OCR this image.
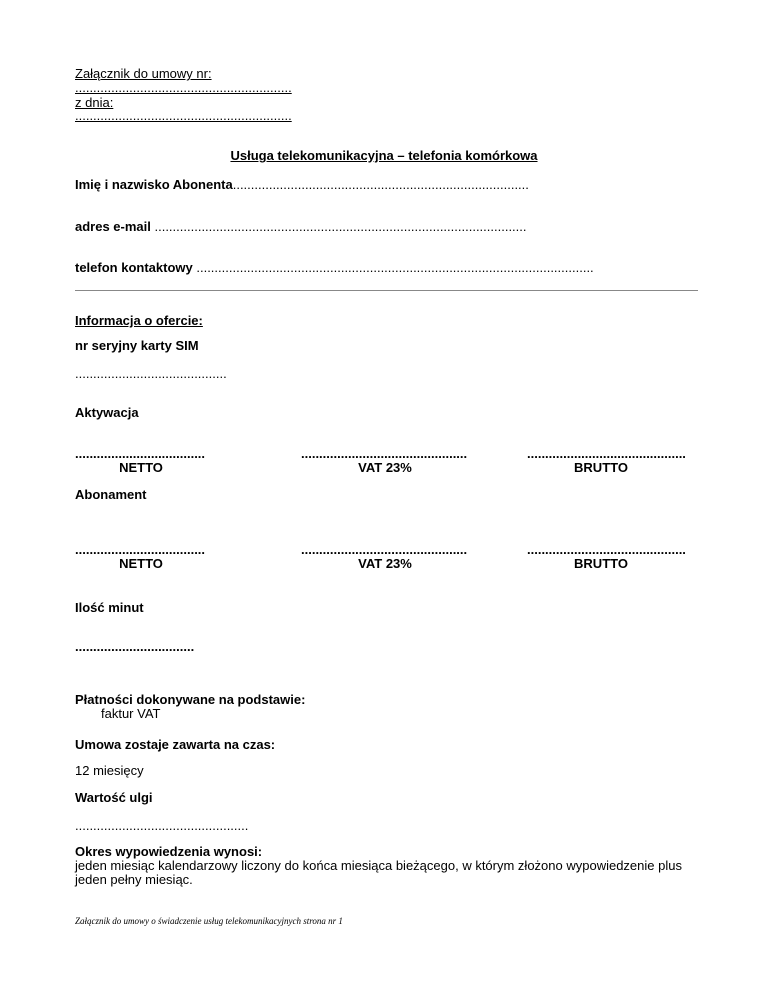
Załącznik do umowy nr:
............................................................
z dnia:
............................................................
Usługa telekomunikacyjna – telefonia komórkowa
Imię i nazwisko Abonenta..................................................................................
adres e-mail .......................................................................................................
telefon kontaktowy ..............................................................................................................
Informacja o ofercie:
nr seryjny karty SIM
..........................................
Aktywacja
....................................	..............................................	............................................
NETTO	VAT 23%	BRUTTO
Abonament
....................................	..............................................	............................................
NETTO	VAT 23%	BRUTTO
Ilość minut
.................................
Płatności dokonywane na podstawie:
faktur VAT
Umowa zostaje zawarta na czas:
12 miesięcy
Wartość ulgi
................................................
Okres wypowiedzenia wynosi:
jeden miesiąc kalendarzowy liczony do końca miesiąca bieżącego, w którym złożono wypowiedzenie plus
jeden pełny miesiąc.
Załącznik do umowy o świadczenie usług telekomunikacyjnych strona nr 1
